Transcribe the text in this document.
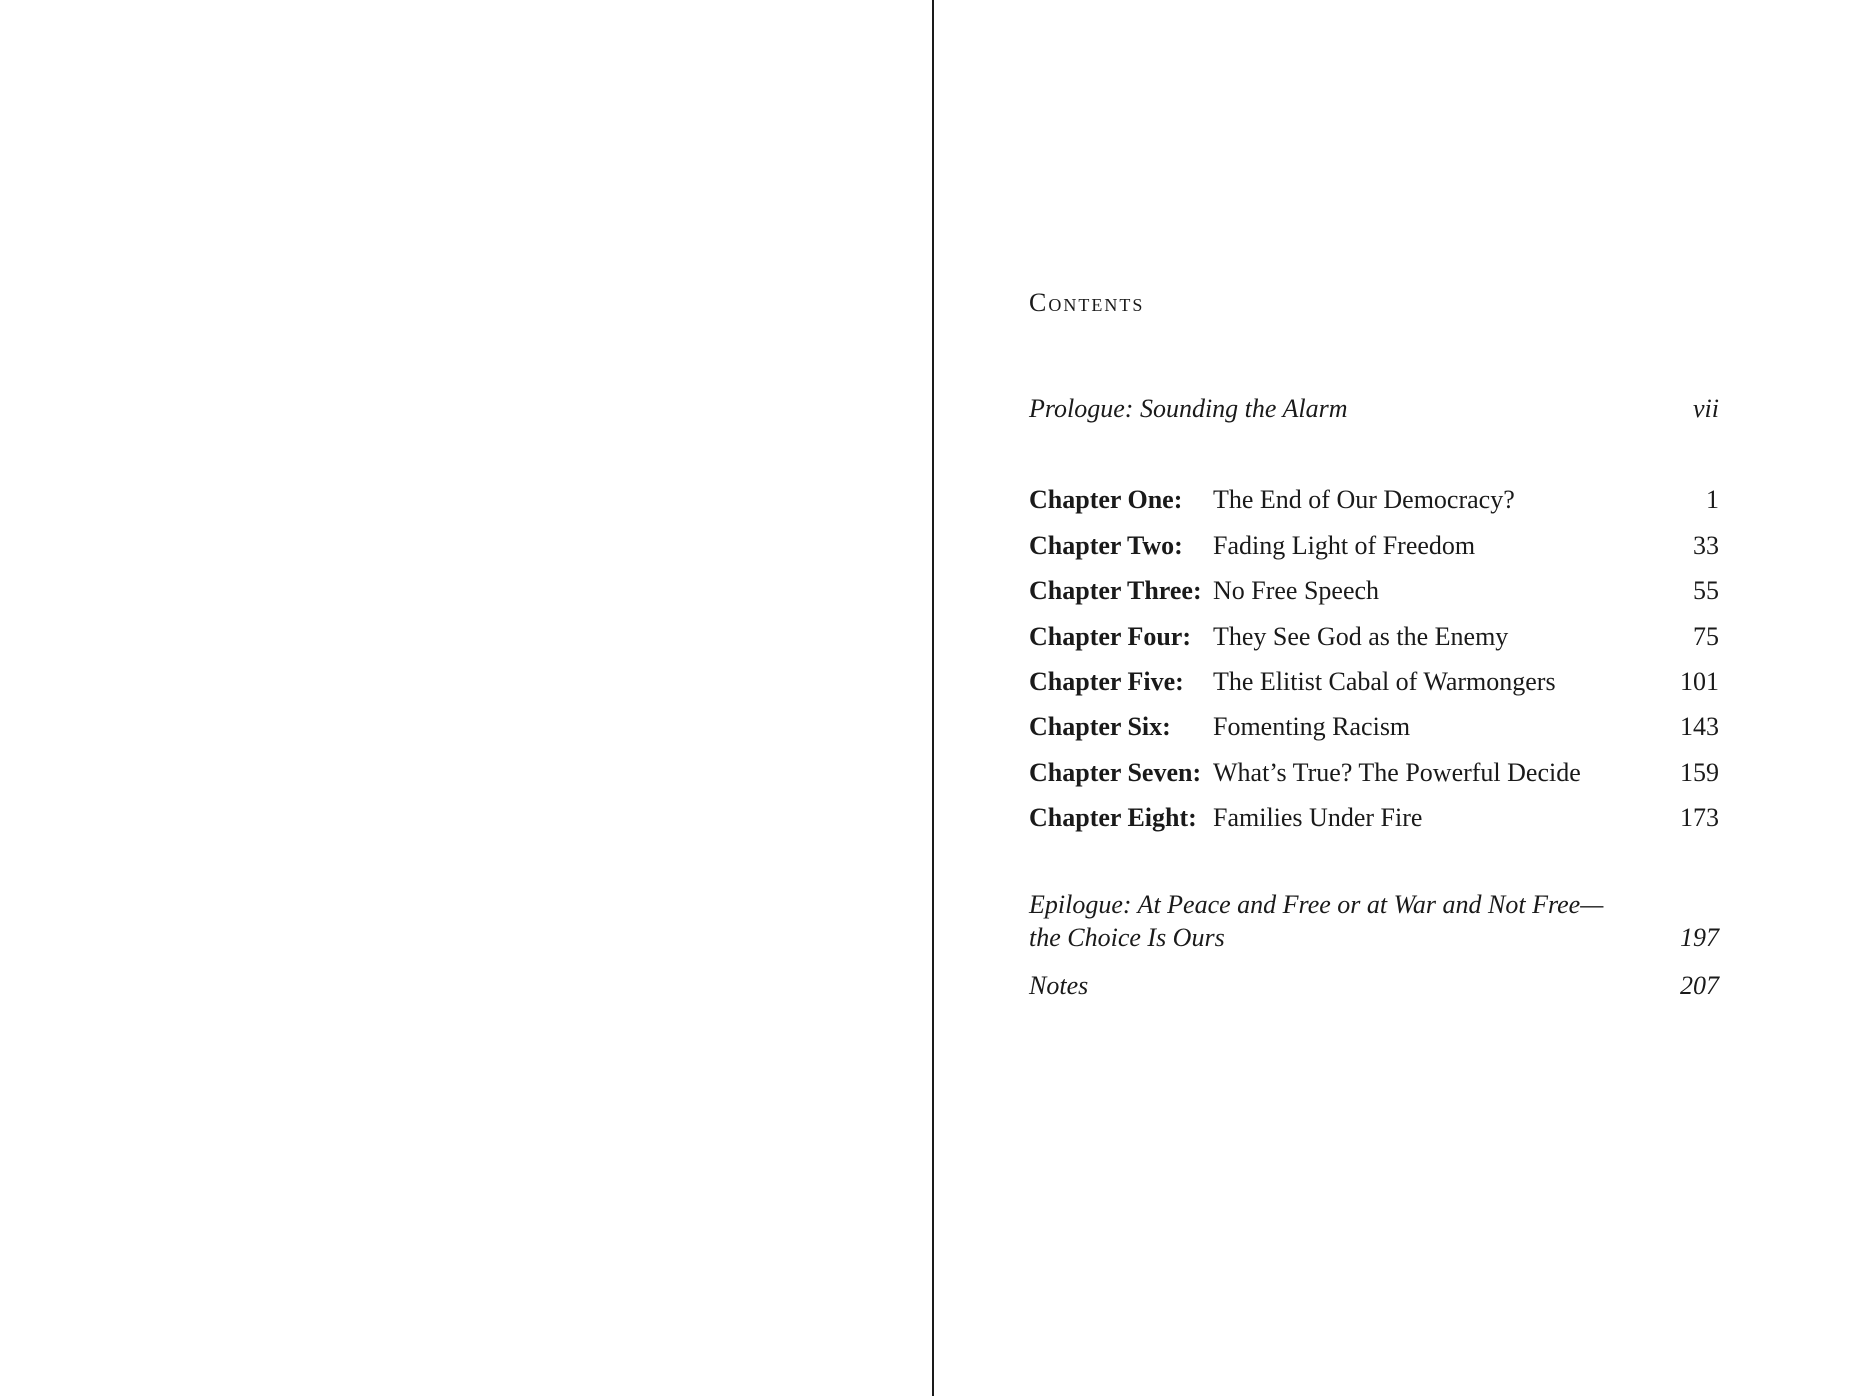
Contents
Prologue: Sounding the Alarm	vii
Chapter One: The End of Our Democracy?	1
Chapter Two: Fading Light of Freedom	33
Chapter Three: No Free Speech	55
Chapter Four: They See God as the Enemy	75
Chapter Five: The Elitist Cabal of Warmongers	101
Chapter Six: Fomenting Racism	143
Chapter Seven: What’s True? The Powerful Decide	159
Chapter Eight: Families Under Fire	173
Epilogue: At Peace and Free or at War and Not Free—
the Choice Is Ours	197
Notes	207
